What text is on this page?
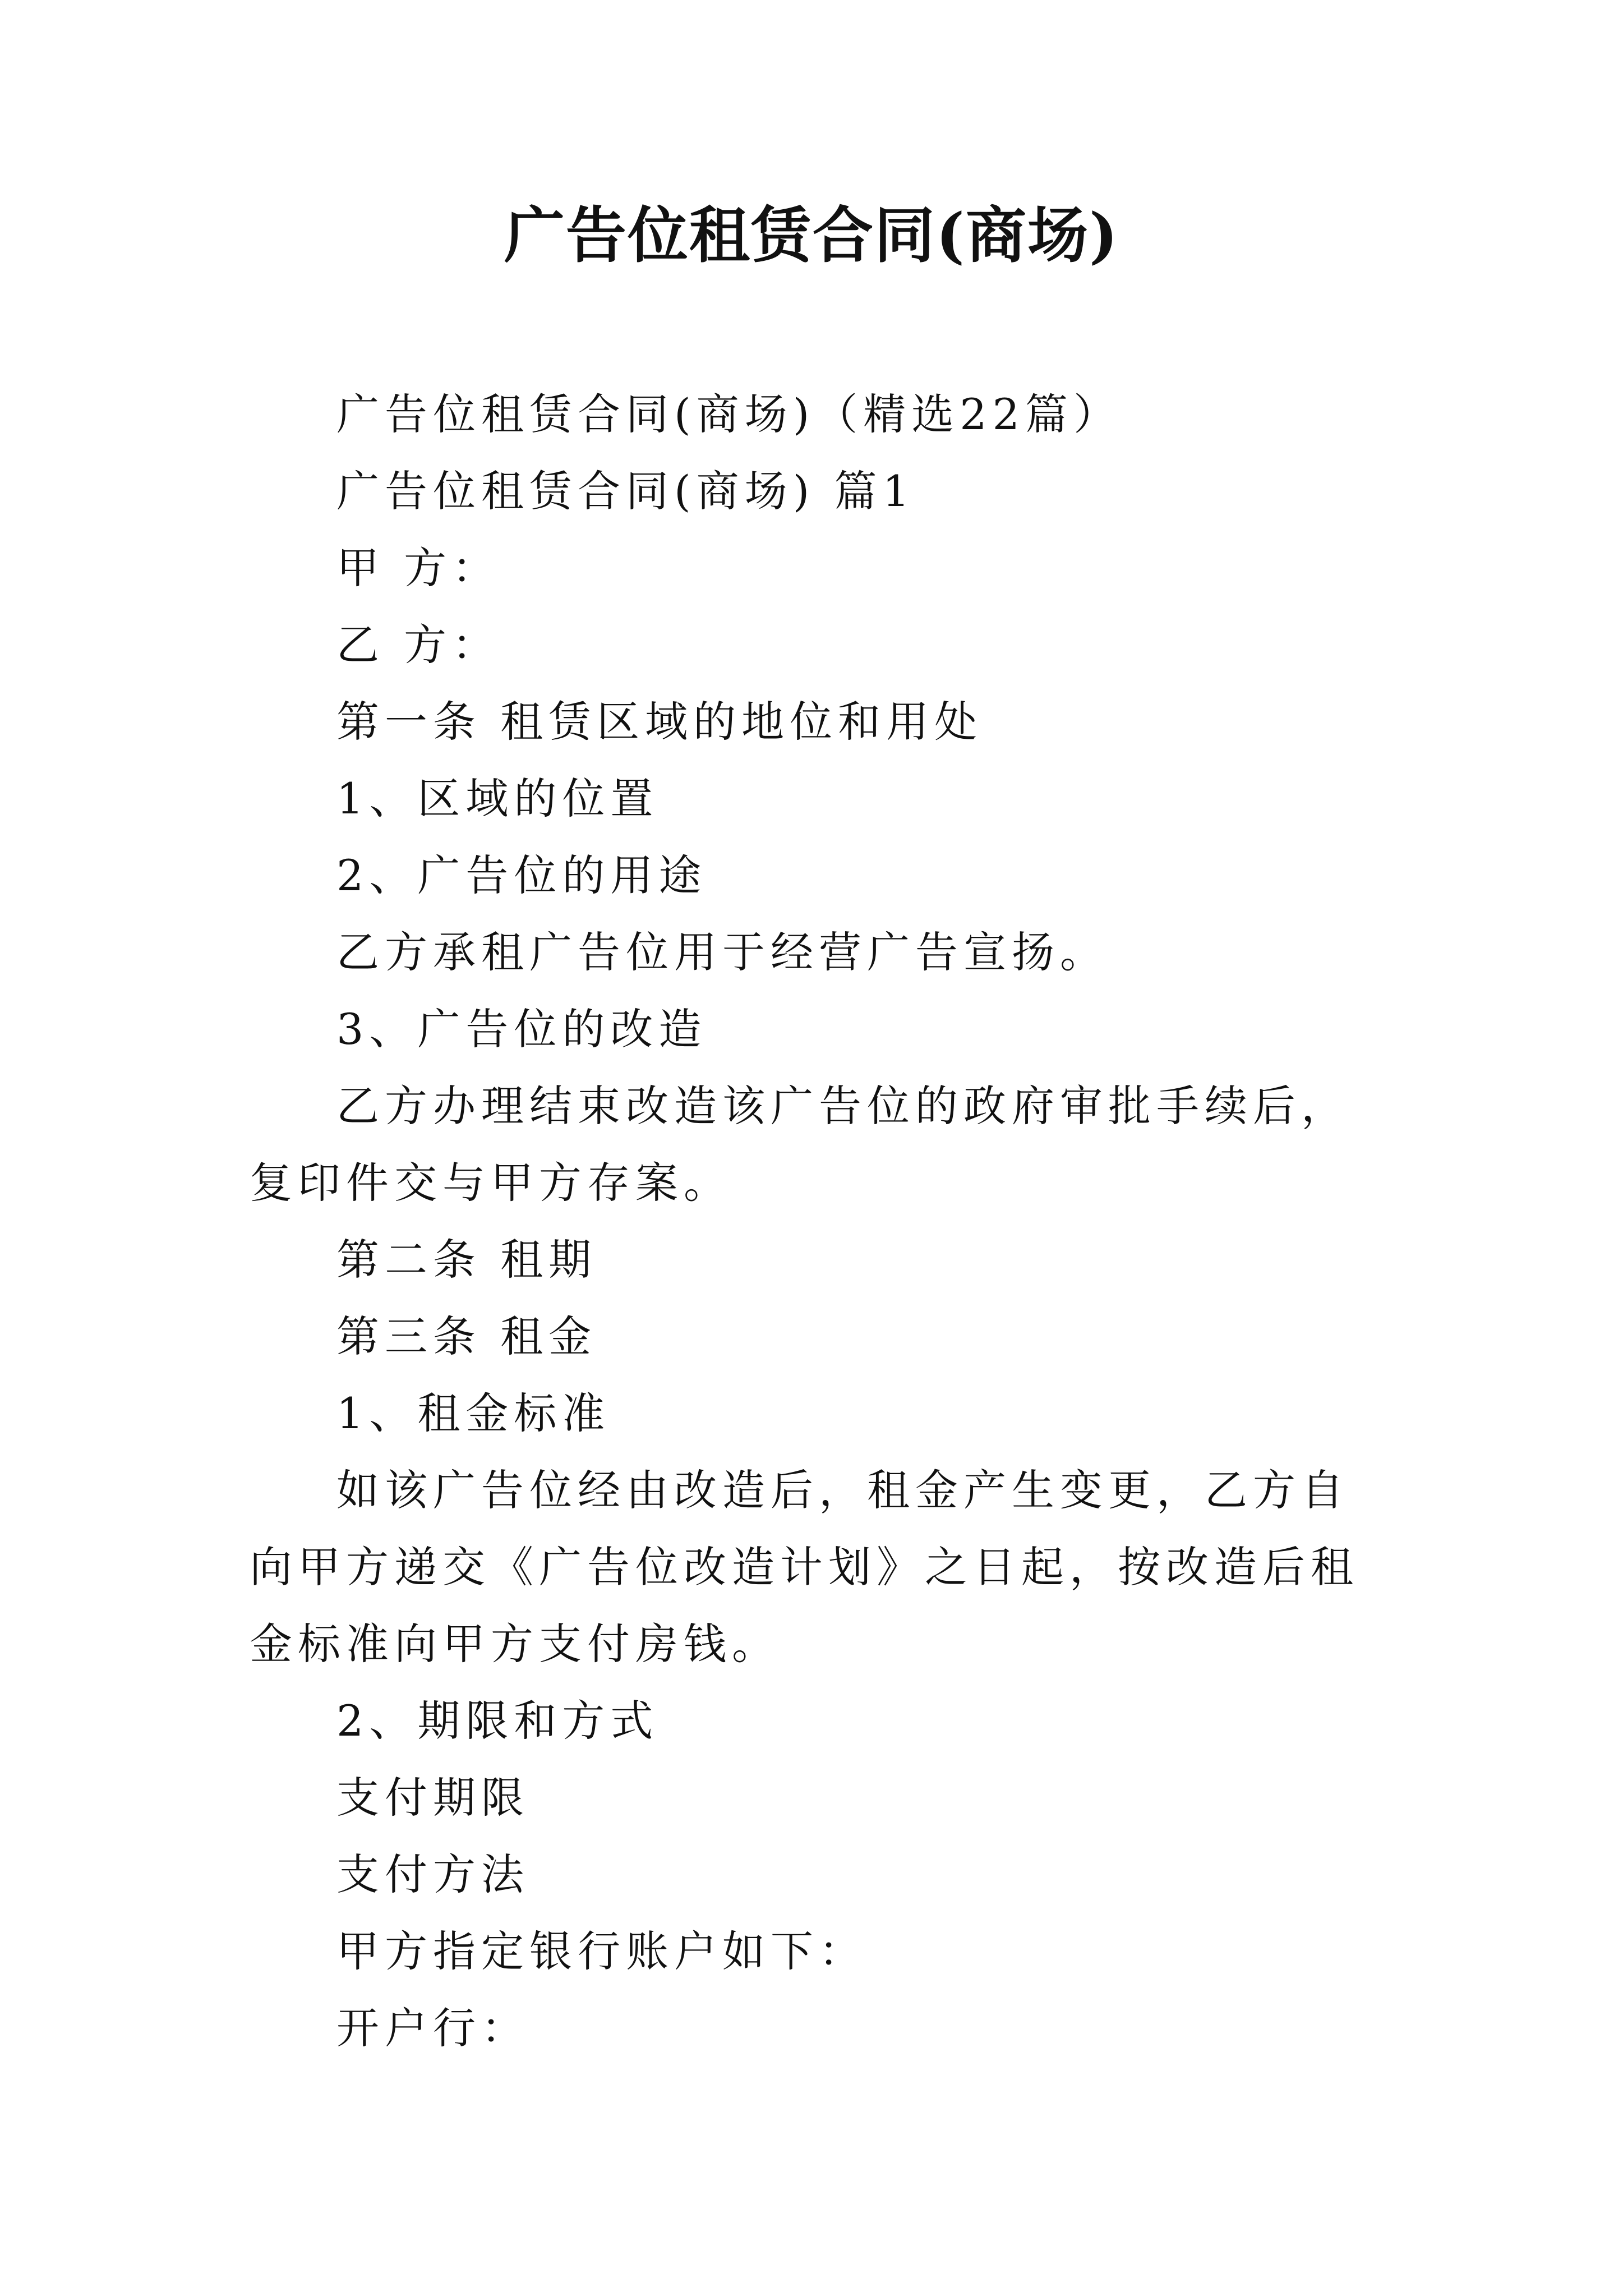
广告位租赁合同(商场)

广告位租赁合同(商场)（精选22篇）

广告位租赁合同(商场) 篇1

甲 方：

乙 方：

第一条 租赁区域的地位和用处

1、区域的位置

2、广告位的用途

乙方承租广告位用于经营广告宣扬。

3、广告位的改造

乙方办理结束改造该广告位的政府审批手续后，复印件交与甲方存案。

第二条 租期

第三条 租金

1、租金标准

如该广告位经由改造后，租金产生变更，乙方自向甲方递交《广告位改造计划》之日起，按改造后租金标准向甲方支付房钱。

2、期限和方式

支付期限

支付方法

甲方指定银行账户如下：

开户行：
